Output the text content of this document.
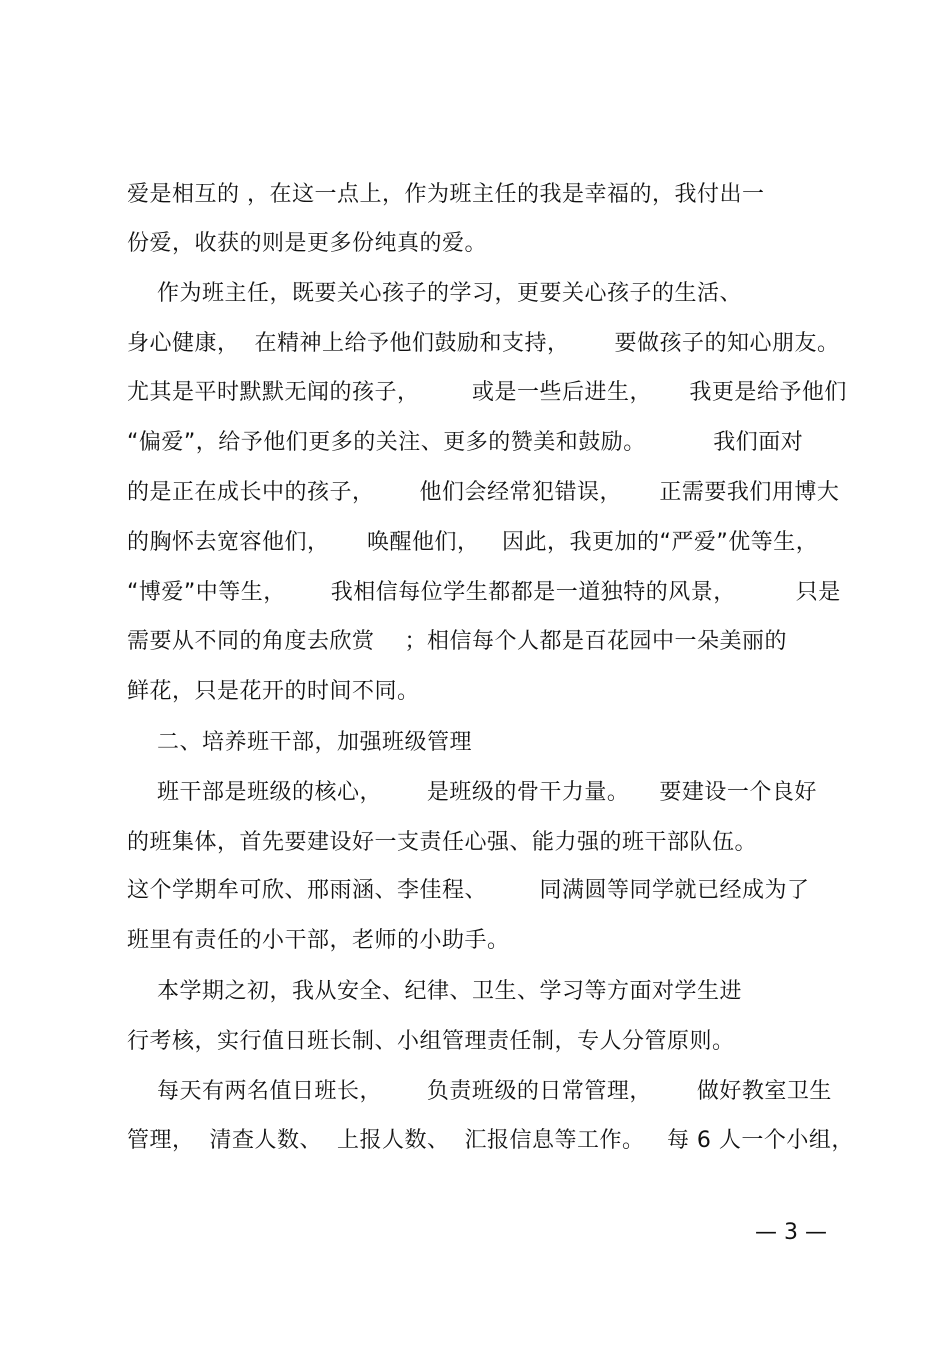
爱是相互的 ，在这一点上，作为班主任的我是幸福的，我付出一
份爱，收获的则是更多份纯真的爱。
作为班主任，既要关心孩子的学习，更要关心孩子的生活、
身心健康，  在精神上给予他们鼓励和支持，      要做孩子的知心朋友。
尤其是平时默默无闻的孩子，       或是一些后进生，     我更是给予他们
“偏爱”，给予他们更多的关注、更多的赞美和鼓励。         我们面对
的是正在成长中的孩子，      他们会经常犯错误，     正需要我们用博大
的胸怀去宽容他们，     唤醒他们，   因此，我更加的“严爱”优等生，
“博爱”中等生，      我相信每位学生都都是一道独特的风景，        只是
需要从不同的角度去欣赏    ；相信每个人都是百花园中一朵美丽的
鲜花，只是花开的时间不同。
二、培养班干部，加强班级管理
班干部是班级的核心，      是班级的骨干力量。    要建设一个良好
的班集体，首先要建设好一支责任心强、能力强的班干部队伍。
这个学期牟可欣、邢雨涵、李佳程、       同满圆等同学就已经成为了
班里有责任的小干部，老师的小助手。
本学期之初，我从安全、纪律、卫生、学习等方面对学生进
行考核，实行值日班长制、小组管理责任制，专人分管原则。
每天有两名值日班长，      负责班级的日常管理，      做好教室卫生
管理，  清查人数、  上报人数、  汇报信息等工作。   每 6 人一个小组，
— 3 —
